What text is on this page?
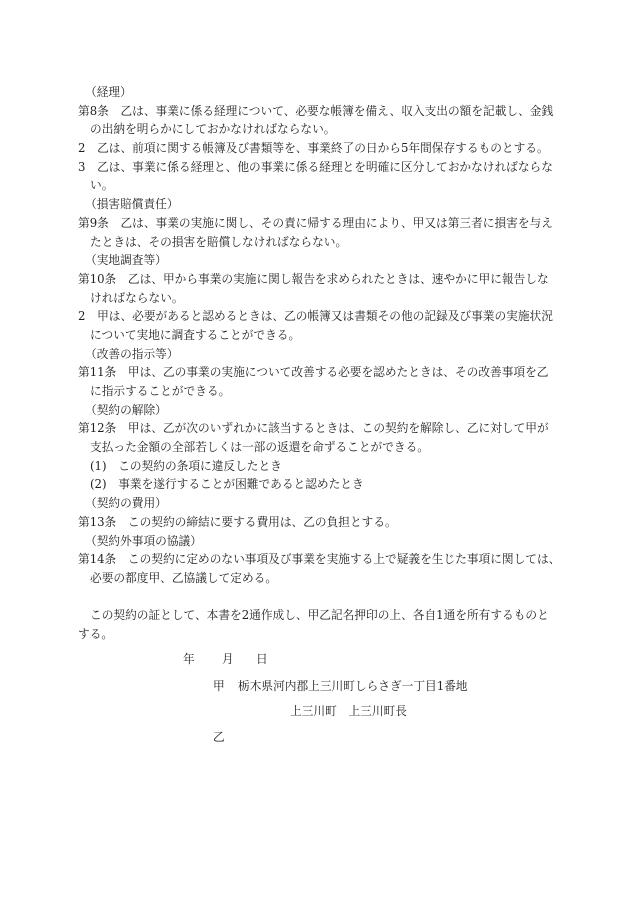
（経理）
第8条　乙は、事業に係る経理について、必要な帳簿を備え、収入支出の額を記載し、金銭
の出納を明らかにしておかなければならない。
2　乙は、前項に関する帳簿及び書類等を、事業終了の日から5年間保存するものとする。
3　乙は、事業に係る経理と、他の事業に係る経理とを明確に区分しておかなければならな
い。
（損害賠償責任）
第9条　乙は、事業の実施に関し、その責に帰する理由により、甲又は第三者に損害を与え
たときは、その損害を賠償しなければならない。
（実地調査等）
第10条　乙は、甲から事業の実施に関し報告を求められたときは、速やかに甲に報告しな
ければならない。
2　甲は、必要があると認めるときは、乙の帳簿又は書類その他の記録及び事業の実施状況
について実地に調査することができる。
（改善の指示等）
第11条　甲は、乙の事業の実施について改善する必要を認めたときは、その改善事項を乙
に指示することができる。
（契約の解除）
第12条　甲は、乙が次のいずれかに該当するときは、この契約を解除し、乙に対して甲が
支払った金額の全部若しくは一部の返還を命ずることができる。
(1)　この契約の条項に違反したとき
(2)　事業を遂行することが困難であると認めたとき
（契約の費用）
第13条　この契約の締結に要する費用は、乙の負担とする。
（契約外事項の協議）
第14条　この契約に定めのない事項及び事業を実施する上で疑義を生じた事項に関しては、
必要の都度甲、乙協議して定める。
この契約の証として、本書を2通作成し、甲乙記名押印の上、各自1通を所有するものと
する。
年 月 日
甲 栃木県河内郡上三川町しらさぎ一丁目1番地
上三川町　上三川町長
乙
